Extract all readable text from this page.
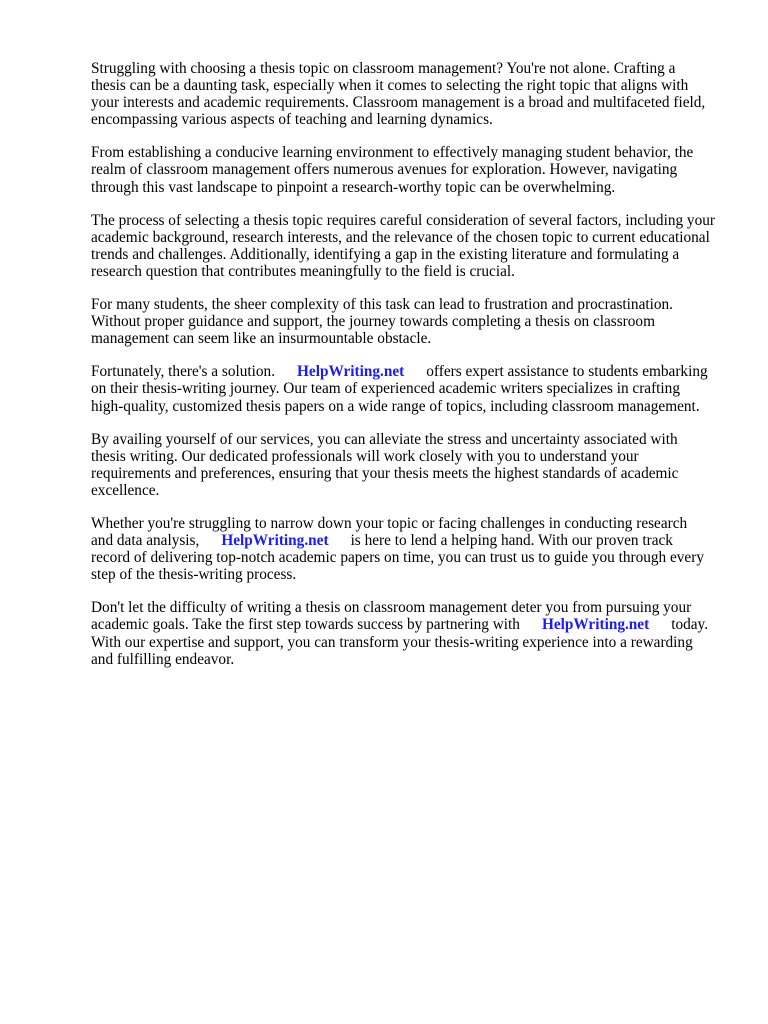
Struggling with choosing a thesis topic on classroom management? You're not alone. Crafting a
thesis can be a daunting task, especially when it comes to selecting the right topic that aligns with
your interests and academic requirements. Classroom management is a broad and multifaceted field,
encompassing various aspects of teaching and learning dynamics.

From establishing a conducive learning environment to effectively managing student behavior, the
realm of classroom management offers numerous avenues for exploration. However, navigating
through this vast landscape to pinpoint a research-worthy topic can be overwhelming.

The process of selecting a thesis topic requires careful consideration of several factors, including your
academic background, research interests, and the relevance of the chosen topic to current educational
trends and challenges. Additionally, identifying a gap in the existing literature and formulating a
research question that contributes meaningfully to the field is crucial.

For many students, the sheer complexity of this task can lead to frustration and procrastination.
Without proper guidance and support, the journey towards completing a thesis on classroom
management can seem like an insurmountable obstacle.

Fortunately, there's a solution. HelpWriting.net offers expert assistance to students embarking
on their thesis-writing journey. Our team of experienced academic writers specializes in crafting
high-quality, customized thesis papers on a wide range of topics, including classroom management.

By availing yourself of our services, you can alleviate the stress and uncertainty associated with
thesis writing. Our dedicated professionals will work closely with you to understand your
requirements and preferences, ensuring that your thesis meets the highest standards of academic
excellence.

Whether you're struggling to narrow down your topic or facing challenges in conducting research
and data analysis, HelpWriting.net is here to lend a helping hand. With our proven track
record of delivering top-notch academic papers on time, you can trust us to guide you through every
step of the thesis-writing process.

Don't let the difficulty of writing a thesis on classroom management deter you from pursuing your
academic goals. Take the first step towards success by partnering with HelpWriting.net today.
With our expertise and support, you can transform your thesis-writing experience into a rewarding
and fulfilling endeavor.
